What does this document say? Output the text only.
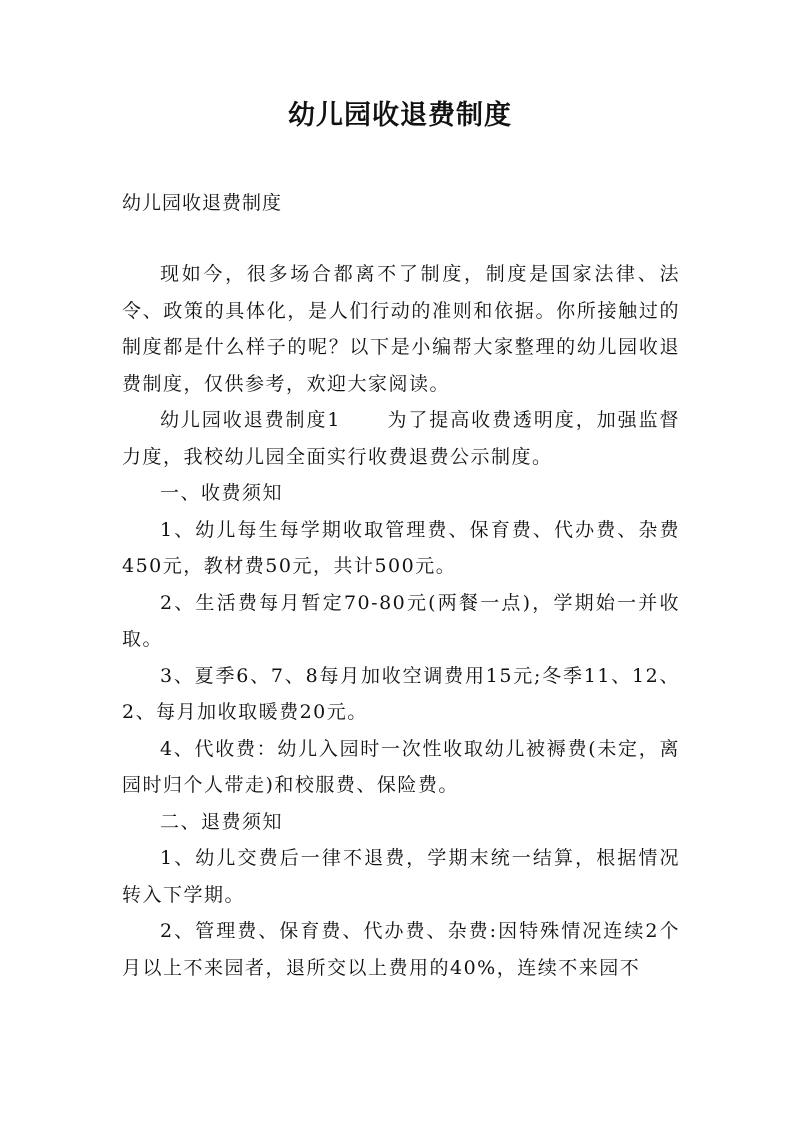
幼儿园收退费制度
幼儿园收退费制度

现如今，很多场合都离不了制度，制度是国家法律、法令、政策的具体化，是人们行动的准则和依据。你所接触过的制度都是什么样子的呢？以下是小编帮大家整理的幼儿园收退费制度，仅供参考，欢迎大家阅读。

幼儿园收退费制度1 为了提高收费透明度，加强监督力度，我校幼儿园全面实行收费退费公示制度。

一、收费须知

1、幼儿每生每学期收取管理费、保育费、代办费、杂费450元，教材费50元，共计500元。

2、生活费每月暂定70-80元(两餐一点)，学期始一并收取。

3、夏季6、7、8每月加收空调费用15元;冬季11、12、2、每月加收取暖费20元。

4、代收费：幼儿入园时一次性收取幼儿被褥费(未定，离园时归个人带走)和校服费、保险费。

二、退费须知

1、幼儿交费后一律不退费，学期末统一结算，根据情况转入下学期。

2、管理费、保育费、代办费、杂费:因特殊情况连续2个月以上不来园者，退所交以上费用的40%，连续不来园不
